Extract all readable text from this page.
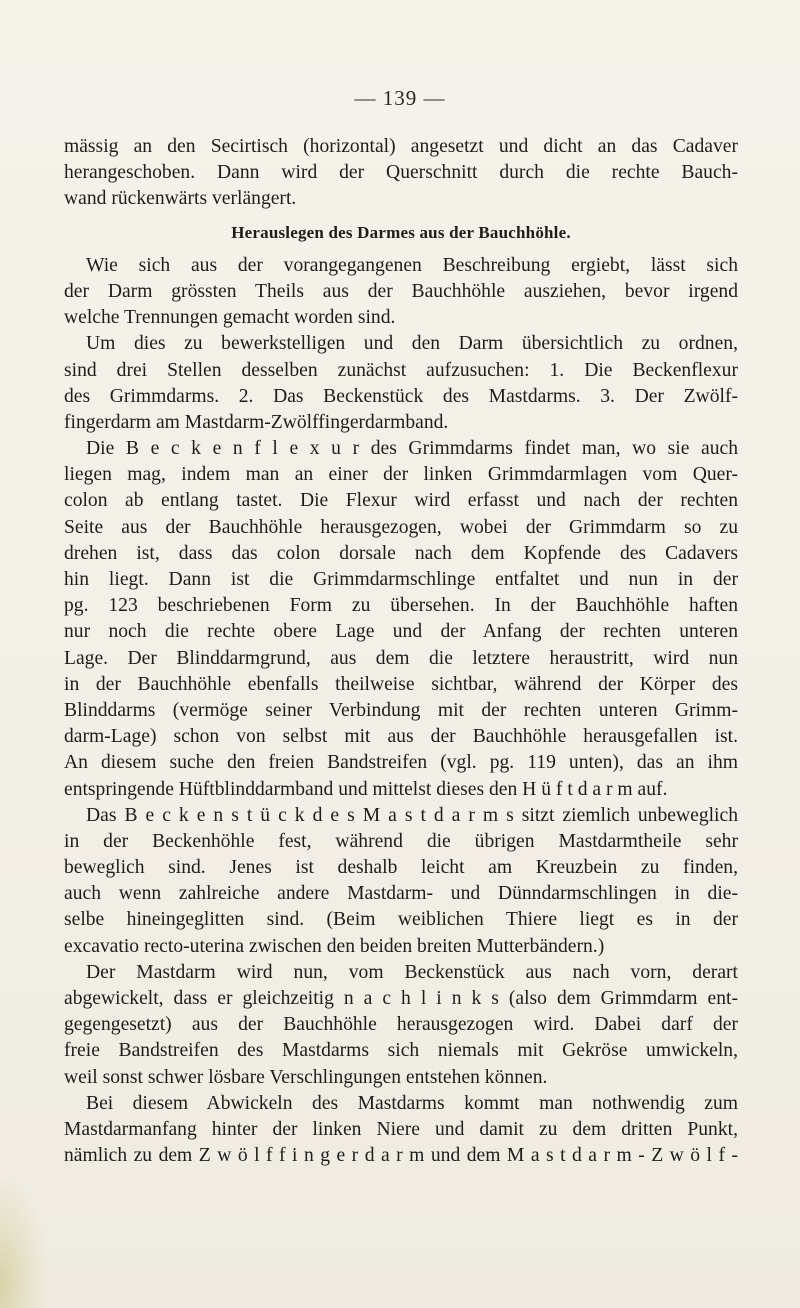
— 139 —
mässig an den Secirtisch (horizontal) angesetzt und dicht an das Cadaver
herangeschoben. Dann wird der Querschnitt durch die rechte Bauch-
wand rückenwärts verlängert.
Herauslegen des Darmes aus der Bauchhöhle.
Wie sich aus der vorangegangenen Beschreibung ergiebt, lässt sich
der Darm grössten Theils aus der Bauchhöhle ausziehen, bevor irgend
welche Trennungen gemacht worden sind.
Um dies zu bewerkstelligen und den Darm übersichtlich zu ordnen,
sind drei Stellen desselben zunächst aufzusuchen: 1. Die Beckenflexur
des Grimmdarms. 2. Das Beckenstück des Mastdarms. 3. Der Zwölf-
fingerdarm am Mastdarm-Zwölffingerdarmband.
Die B e c k e n f l e x u r des Grimmdarms findet man, wo sie auch
liegen mag, indem man an einer der linken Grimmdarmlagen vom Quer-
colon ab entlang tastet. Die Flexur wird erfasst und nach der rechten
Seite aus der Bauchhöhle herausgezogen, wobei der Grimmdarm so zu
drehen ist, dass das colon dorsale nach dem Kopfende des Cadavers
hin liegt. Dann ist die Grimmdarmschlinge entfaltet und nun in der
pg. 123 beschriebenen Form zu übersehen. In der Bauchhöhle haften
nur noch die rechte obere Lage und der Anfang der rechten unteren
Lage. Der Blinddarmgrund, aus dem die letztere heraustritt, wird nun
in der Bauchhöhle ebenfalls theilweise sichtbar, während der Körper des
Blinddarms (vermöge seiner Verbindung mit der rechten unteren Grimm-
darm-Lage) schon von selbst mit aus der Bauchhöhle herausgefallen ist.
An diesem suche den freien Bandstreifen (vgl. pg. 119 unten), das an ihm
entspringende Hüftblinddarmband und mittelst dieses den H ü f t d a r m auf.
Das B e c k e n s t ü c k d e s M a s t d a r m s sitzt ziemlich unbeweglich
in der Beckenhöhle fest, während die übrigen Mastdarmtheile sehr
beweglich sind. Jenes ist deshalb leicht am Kreuzbein zu finden,
auch wenn zahlreiche andere Mastdarm- und Dünndarmschlingen in die-
selbe hineingeglitten sind. (Beim weiblichen Thiere liegt es in der
excavatio recto-uterina zwischen den beiden breiten Mutterbändern.)
Der Mastdarm wird nun, vom Beckenstück aus nach vorn, derart
abgewickelt, dass er gleichzeitig n a c h l i n k s (also dem Grimmdarm ent-
gegengesetzt) aus der Bauchhöhle herausgezogen wird. Dabei darf der
freie Bandstreifen des Mastdarms sich niemals mit Gekröse umwickeln,
weil sonst schwer lösbare Verschlingungen entstehen können.
Bei diesem Abwickeln des Mastdarms kommt man nothwendig zum
Mastdarmanfang hinter der linken Niere und damit zu dem dritten Punkt,
nämlich zu dem Z w ö l f f i n g e r d a r m und dem M a s t d a r m - Z w ö l f -
